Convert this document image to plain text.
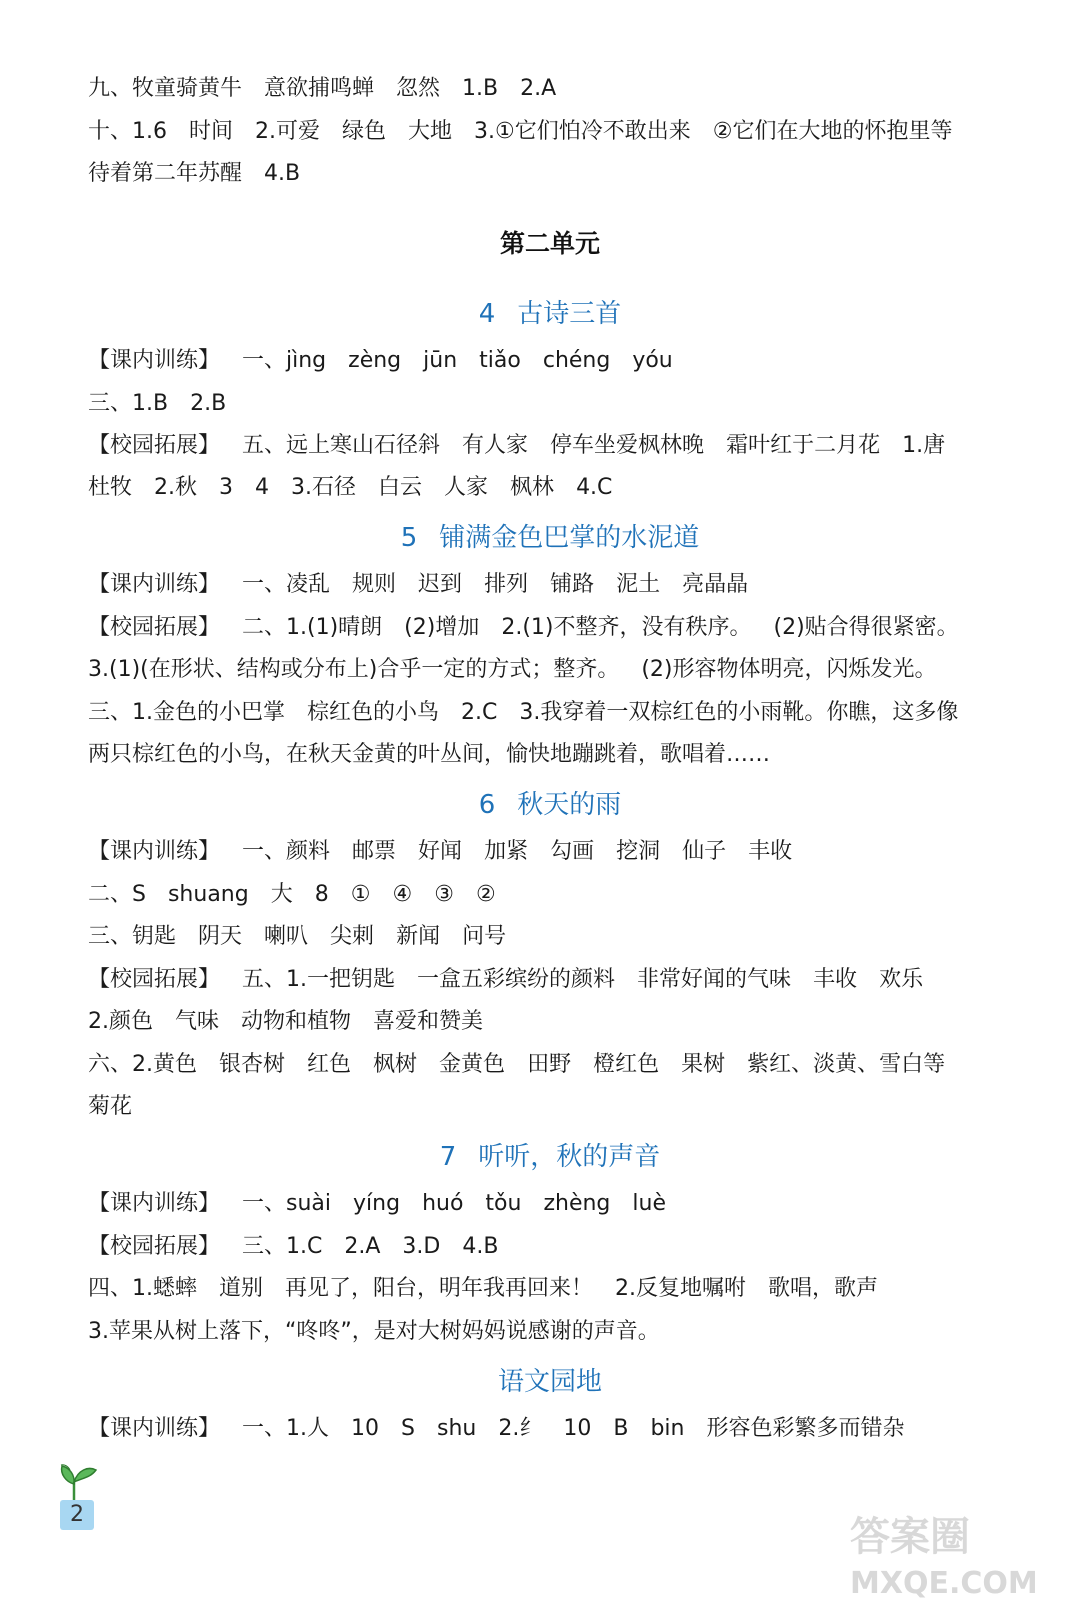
九、牧童骑黄牛 意欲捕鸣蝉 忽然 1.B 2.A
十、1.6 时间 2.可爱 绿色 大地 3.①它们怕冷不敢出来 ②它们在大地的怀抱里等
待着第二年苏醒 4.B
第二单元
4 古诗三首
【课内训练】 一、jìng zèng jūn tiǎo chéng yóu
三、1.B 2.B
【校园拓展】 五、远上寒山石径斜 有人家 停车坐爱枫林晚 霜叶红于二月花 1.唐
杜牧 2.秋 3 4 3.石径 白云 人家 枫林 4.C
5 铺满金色巴掌的水泥道
【课内训练】 一、凌乱 规则 迟到 排列 铺路 泥土 亮晶晶
【校园拓展】 二、1.(1)晴朗 (2)增加 2.(1)不整齐，没有秩序。 (2)贴合得很紧密。
3.(1)(在形状、结构或分布上)合乎一定的方式；整齐。 (2)形容物体明亮，闪烁发光。
三、1.金色的小巴掌 棕红色的小鸟 2.C 3.我穿着一双棕红色的小雨靴。你瞧，这多像
两只棕红色的小鸟，在秋天金黄的叶丛间，愉快地蹦跳着，歌唱着……
6 秋天的雨
【课内训练】 一、颜料 邮票 好闻 加紧 勾画 挖洞 仙子 丰收
二、S shuang 大 8 ① ④ ③ ②
三、钥匙 阴天 喇叭 尖刺 新闻 问号
【校园拓展】 五、1.一把钥匙 一盒五彩缤纷的颜料 非常好闻的气味 丰收 欢乐
2.颜色 气味 动物和植物 喜爱和赞美
六、2.黄色 银杏树 红色 枫树 金黄色 田野 橙红色 果树 紫红、淡黄、雪白等
菊花
7 听听，秋的声音
【课内训练】 一、suài yíng huó tǒu zhèng luè
【校园拓展】 三、1.C 2.A 3.D 4.B
四、1.蟋蟀 道别 再见了，阳台，明年我再回来！ 2.反复地嘱咐 歌唱，歌声
3.苹果从树上落下，“咚咚”，是对大树妈妈说感谢的声音。
语文园地
【课内训练】 一、1.人 10 S shu 2.纟 10 B bin 形容色彩繁多而错杂
2	答案圈
MXQE.COM
